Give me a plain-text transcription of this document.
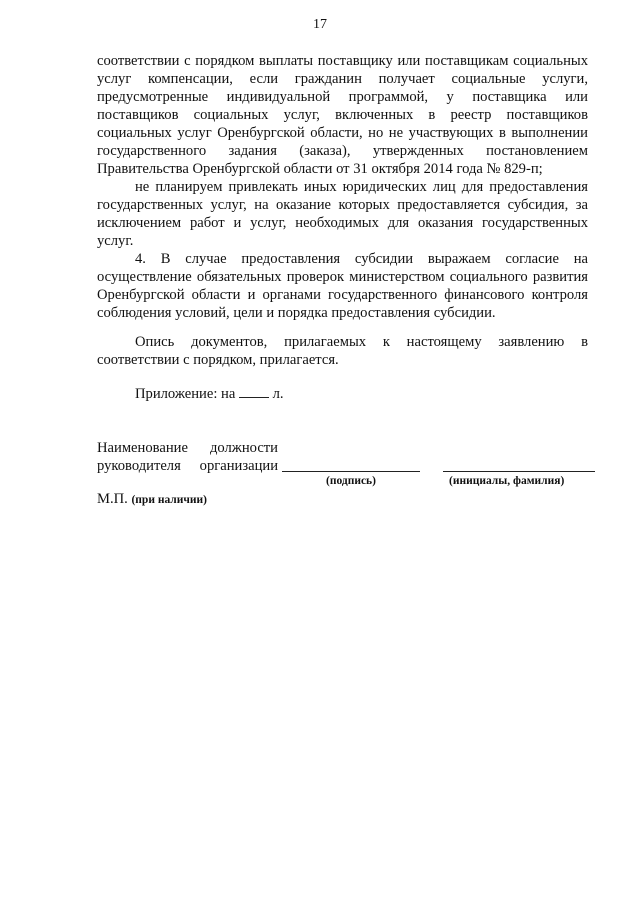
17

соответствии с порядком выплаты поставщику или поставщикам социальных

услуг компенсации, если гражданин получает социальные услуги,

предусмотренные индивидуальной программой, у поставщика или

поставщиков социальных услуг, включенных в реестр поставщиков

социальных услуг Оренбургской области, но не участвующих в выполнении

государственного задания (заказа), утвержденных постановлением

Правительства Оренбургской области от 31 октября 2014 года № 829-п;

не планируем привлекать иных юридических лиц для предоставления

государственных услуг, на оказание которых предоставляется субсидия, за

исключением работ и услуг, необходимых для оказания государственных

услуг.

4. В случае предоставления субсидии выражаем согласие на

осуществление обязательных проверок министерством социального развития

Оренбургской области и органами государственного финансового контроля

соблюдения условий, цели и порядка предоставления субсидии.

Опись документов, прилагаемых к настоящему заявлению в

соответствии с порядком, прилагается.

Приложение: на	л.

Наименование должности
руководителя организации
(подпись)	(инициалы, фамилия)
М.П. (при наличии)
